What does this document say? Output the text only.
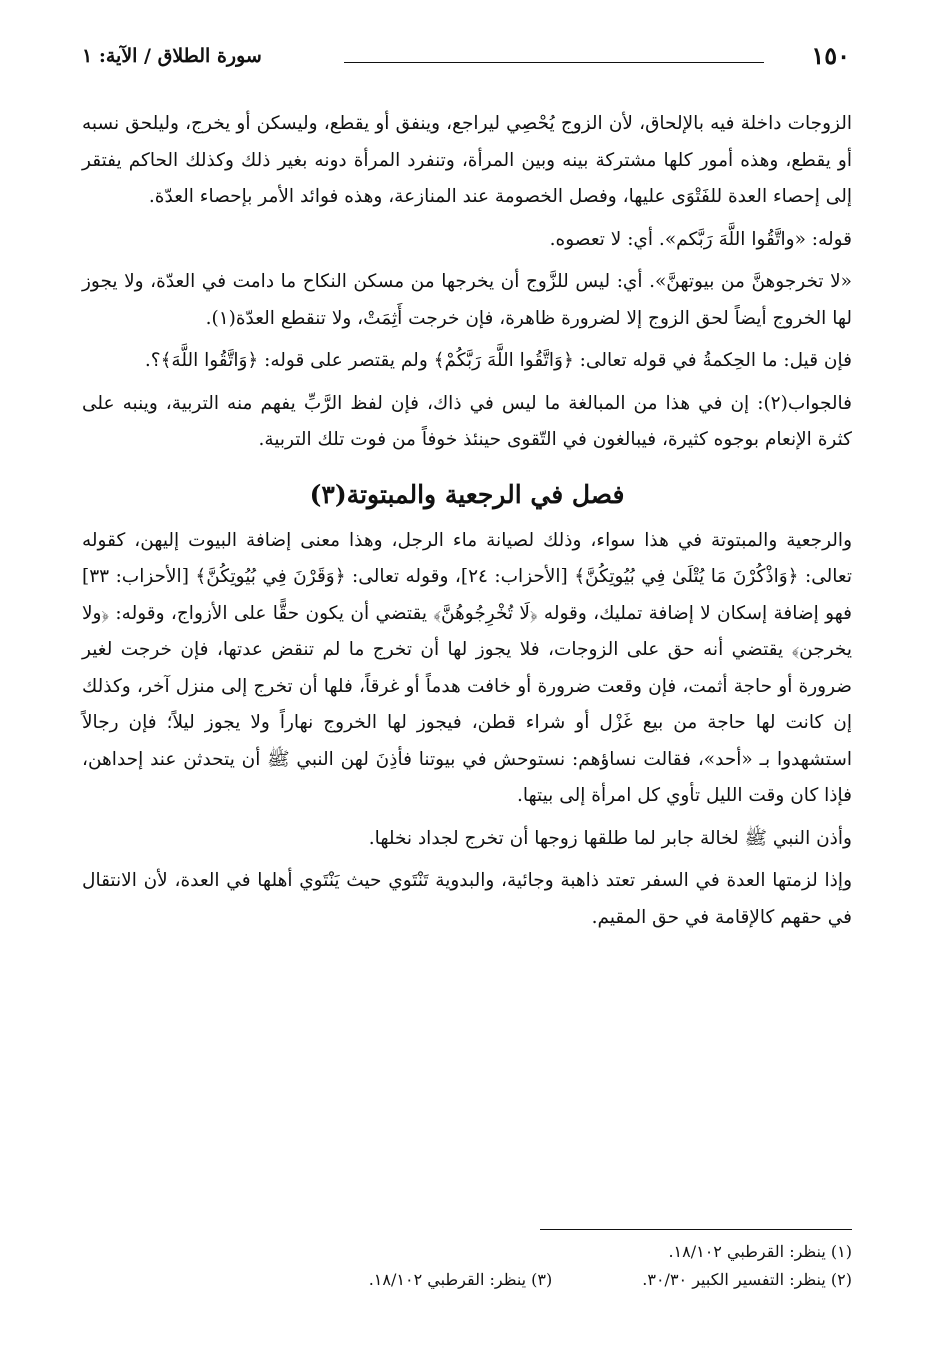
١٥٠
سورة الطلاق / الآية: ١

الزوجات داخلة فيه بالإلحاق، لأن الزوج يُحْصِي ليراجع، وينفق أو يقطع، وليسكن أو يخرج، وليلحق نسبه أو يقطع، وهذه أمور كلها مشتركة بينه وبين المرأة، وتنفرد المرأة دونه بغير ذلك وكذلك الحاكم يفتقر إلى إحصاء العدة للفَتْوَى عليها، وفصل الخصومة عند المنازعة، وهذه فوائد الأمر بإحصاء العدّة.

قوله: «واتَّقُوا اللَّهَ رَبَّكم». أي: لا تعصوه.

«لا تخرجوهنَّ من بيوتهنَّ». أي: ليس للزَّوج أن يخرجها من مسكن النكاح ما دامت في العدّة، ولا يجوز لها الخروج أيضاً لحق الزوج إلا لضرورة ظاهرة، فإن خرجت أَثِمَتْ، ولا تنقطع العدّة(١).

فإن قيل: ما الحِكمةُ في قوله تعالى: ﴿وَاتَّقُوا اللَّهَ رَبَّكُمْ﴾ ولم يقتصر على قوله: ﴿وَاتَّقُوا اللَّهَ﴾؟.

فالجواب(٢): إن في هذا من المبالغة ما ليس في ذاك، فإن لفظ الرَّبِّ يفهم منه التربية، وينبه على كثرة الإنعام بوجوه كثيرة، فيبالغون في التّقوى حينئذ خوفاً من فوت تلك التربية.

فصل في الرجعية والمبتوتة(٣)

والرجعية والمبتوتة في هذا سواء، وذلك لصيانة ماء الرجل، وهذا معنى إضافة البيوت إليهن، كقوله تعالى: ﴿وَاذْكُرْنَ مَا يُتْلَىٰ فِي بُيُوتِكُنَّ﴾ [الأحزاب: ٢٤]، وقوله تعالى: ﴿وَقَرْنَ فِي بُيُوتِكُنَّ﴾ [الأحزاب: ٣٣] فهو إضافة إسكان لا إضافة تمليك، وقوله ﴿لَا تُخْرِجُوهُنَّ﴾ يقتضي أن يكون حقًّا على الأزواج، وقوله: ﴿ولا يخرجن﴾ يقتضي أنه حق على الزوجات، فلا يجوز لها أن تخرج ما لم تنقض عدتها، فإن خرجت لغير ضرورة أو حاجة أثمت، فإن وقعت ضرورة أو خافت هدماً أو غرقاً، فلها أن تخرج إلى منزل آخر، وكذلك إن كانت لها حاجة من بيع غَزْل أو شراء قطن، فيجوز لها الخروج نهاراً ولا يجوز ليلاً؛ فإن رجالاً استشهدوا بـ «أحد»، فقالت نساؤهم: نستوحش في بيوتنا فأذِنَ لهن النبي ﷺ أن يتحدثن عند إحداهن، فإذا كان وقت الليل تأوي كل امرأة إلى بيتها.

وأذن النبي ﷺ لخالة جابر لما طلقها زوجها أن تخرج لجداد نخلها.

وإذا لزمتها العدة في السفر تعتد ذاهبة وجائية، والبدوية تَنْتَوي حيث يَنْتَوي أهلها في العدة، لأن الانتقال في حقهم كالإقامة في حق المقيم.

(١) ينظر: القرطبي ١٨/١٠٢.
(٢) ينظر: التفسير الكبير ٣٠/٣٠.
(٣) ينظر: القرطبي ١٨/١٠٢.
